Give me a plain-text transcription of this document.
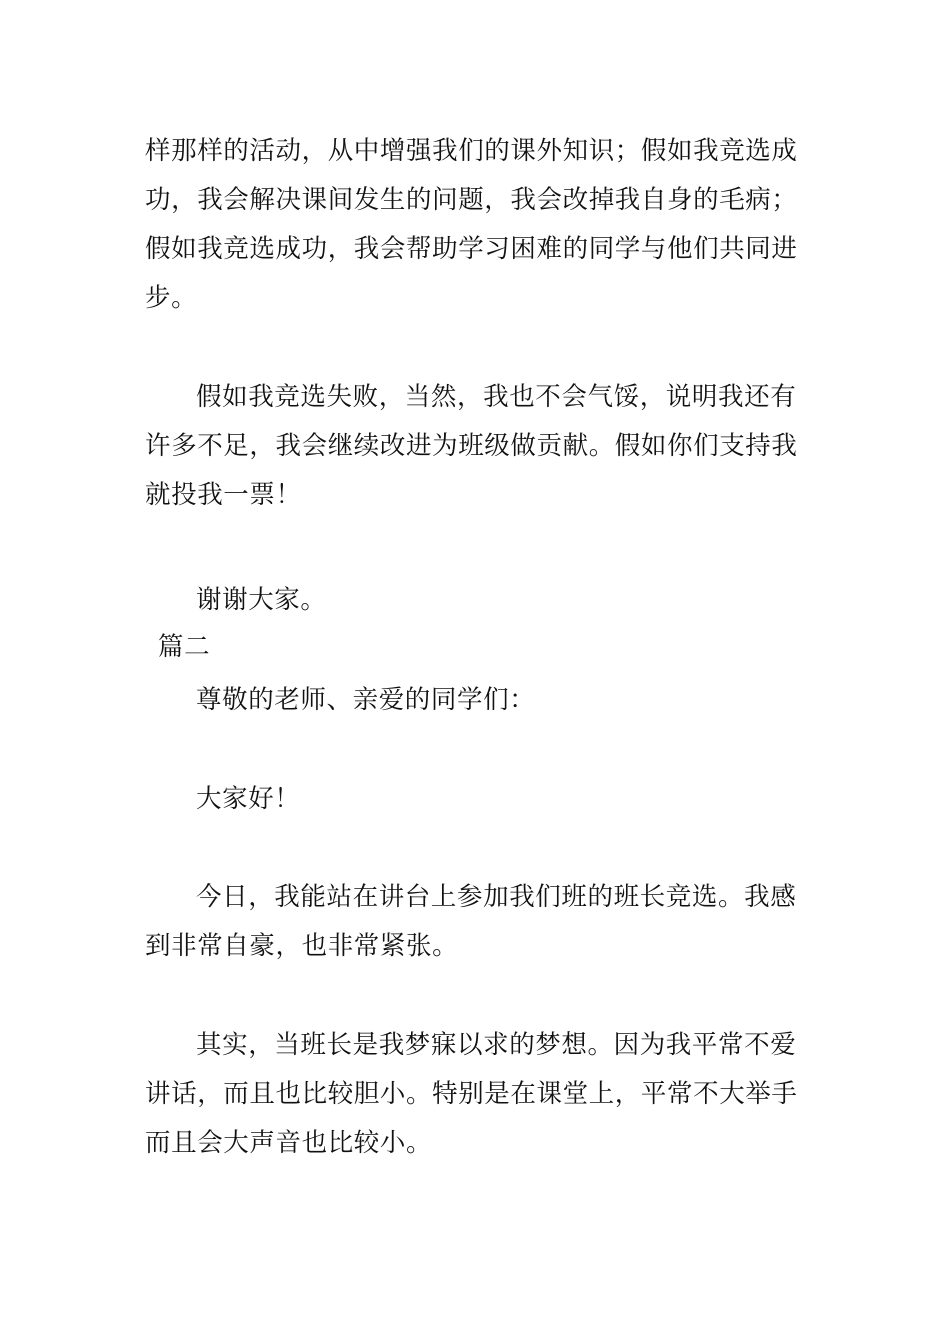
样那样的活动，从中增强我们的课外知识；假如我竞选成
功，我会解决课间发生的问题，我会改掉我自身的毛病；
假如我竞选成功，我会帮助学习困难的同学与他们共同进
步。

假如我竞选失败，当然，我也不会气馁，说明我还有
许多不足，我会继续改进为班级做贡献。假如你们支持我
就投我一票！

谢谢大家。

篇二

尊敬的老师、亲爱的同学们：

大家好！

今日，我能站在讲台上参加我们班的班长竞选。我感
到非常自豪，也非常紧张。

其实，当班长是我梦寐以求的梦想。因为我平常不爱
讲话，而且也比较胆小。特别是在课堂上，平常不大举手
而且会大声音也比较小。
